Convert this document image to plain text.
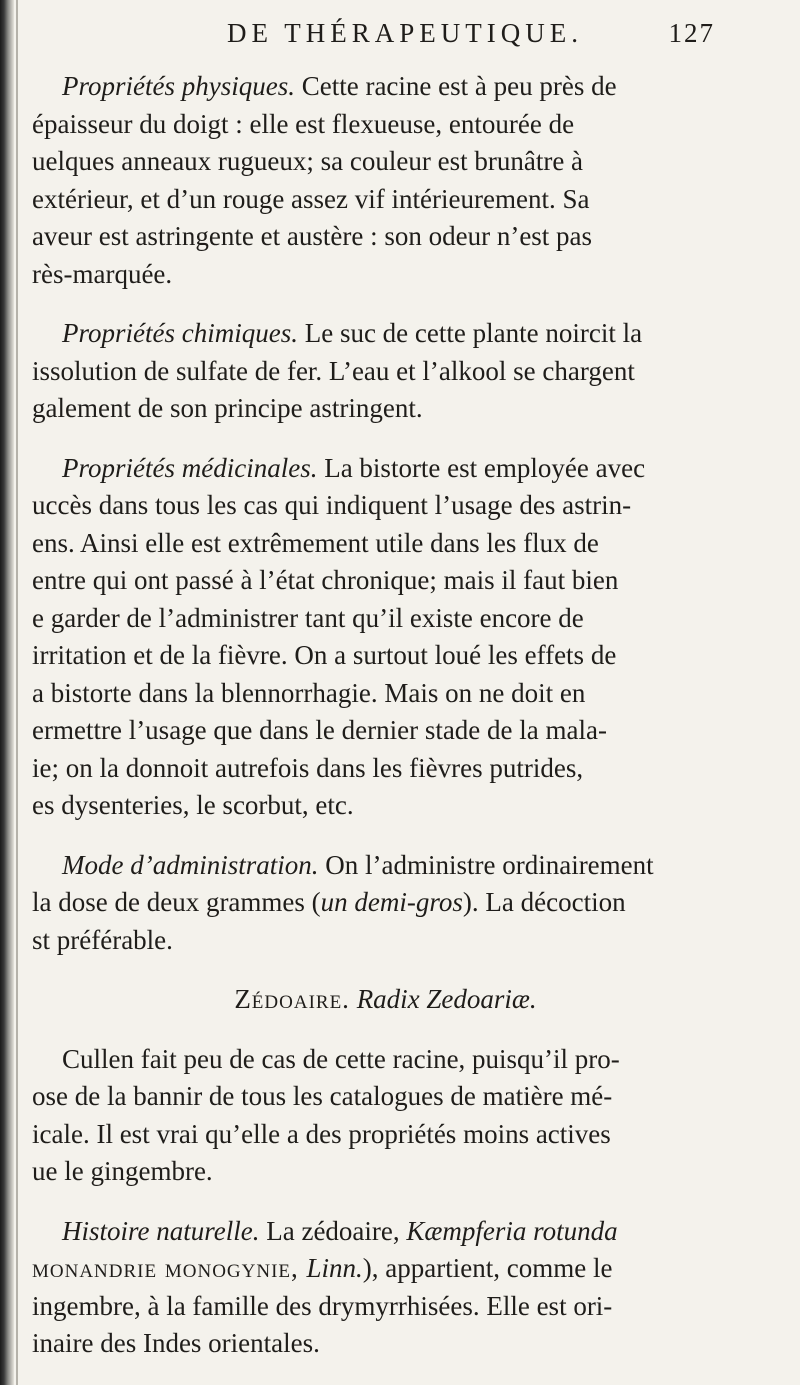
DE THÉRAPEUTIQUE.	127
Propriétés physiques. Cette racine est à peu près de
épaisseur du doigt : elle est flexueuse, entourée de
uelques anneaux rugueux; sa couleur est brunâtre à
extérieur, et d’un rouge assez vif intérieurement. Sa
aveur est astringente et austère : son odeur n’est pas
rès-marquée.
Propriétés chimiques. Le suc de cette plante noircit la
issolution de sulfate de fer. L’eau et l’alkool se chargent
galement de son principe astringent.
Propriétés médicinales. La bistorte est employée avec
uccès dans tous les cas qui indiquent l’usage des astrin-
ens. Ainsi elle est extrêmement utile dans les flux de
entre qui ont passé à l’état chronique; mais il faut bien
e garder de l’administrer tant qu’il existe encore de
irritation et de la fièvre. On a surtout loué les effets de
a bistorte dans la blennorrhagie. Mais on ne doit en
ermettre l’usage que dans le dernier stade de la mala-
ie; on la donnoit autrefois dans les fièvres putrides,
es dysenteries, le scorbut, etc.
Mode d’administration. On l’administre ordinairement
la dose de deux grammes (un demi-gros). La décoction
st préférable.
Zédoaire. Radix Zedoariæ.
Cullen fait peu de cas de cette racine, puisqu’il pro-
ose de la bannir de tous les catalogues de matière mé-
icale. Il est vrai qu’elle a des propriétés moins actives
ue le gingembre.
Histoire naturelle. La zédoaire, Kæmpferia rotunda
monandrie monogynie, Linn.), appartient, comme le
ingembre, à la famille des drymyrrhisées. Elle est ori-
inaire des Indes orientales.
